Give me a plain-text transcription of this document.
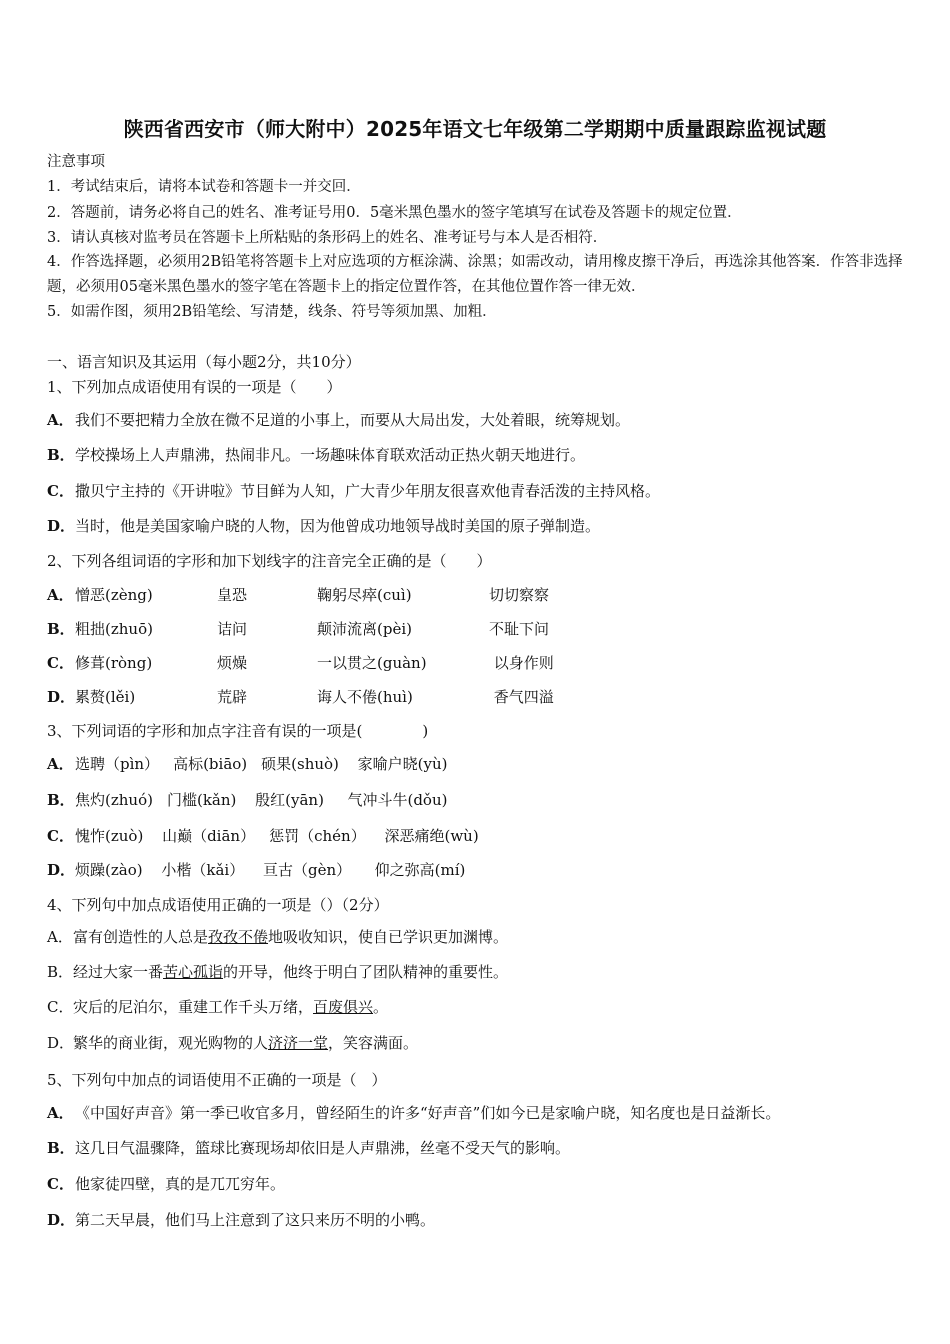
陕西省西安市（师大附中）2025年语文七年级第二学期期中质量跟踪监视试题
注意事项
1．考试结束后，请将本试卷和答题卡一并交回．
2．答题前，请务必将自己的姓名、准考证号用0．5毫米黑色墨水的签字笔填写在试卷及答题卡的规定位置．
3．请认真核对监考员在答题卡上所粘贴的条形码上的姓名、准考证号与本人是否相符．
4．作答选择题，必须用2B铅笔将答题卡上对应选项的方框涂满、涂黑；如需改动，请用橡皮擦干净后，再选涂其他答案．作答非选择题，必须用05毫米黑色墨水的签字笔在答题卡上的指定位置作答，在其他位置作答一律无效．
5．如需作图，须用2B铅笔绘、写清楚，线条、符号等须加黑、加粗．
一、语言知识及其运用（每小题2分，共10分）
1、下列加点成语使用有误的一项是（　　）
A．我们不要把精力全放在微不足道的小事上，而要从大局出发，大处着眼，统筹规划。
B．学校操场上人声鼎沸，热闹非凡。一场趣味体育联欢活动正热火朝天地进行。
C．撒贝宁主持的《开讲啦》节目鲜为人知，广大青少年朋友很喜欢他青春活泼的主持风格。
D．当时，他是美国家喻户晓的人物，因为他曾成功地领导战时美国的原子弹制造。
2、下列各组词语的字形和加下划线字的注音完全正确的是（　　）
A．憎恶(zèng)	皇恐	鞠躬尽瘁(cuì)	切切察察
B．粗拙(zhuō)	诘问	颠沛流离(pèi)	不耻下问
C．修葺(ròng)	烦燥	一以贯之(guàn)	以身作则
D．累赘(lěi)	荒辟	诲人不倦(huì)	香气四溢
3、下列词语的字形和加点字注音有误的一项是(　　　　)
A．选聘（pìn） 高标(biāo) 硕果(shuò) 家喻户晓(yù)
B．焦灼(zhuó) 门槛(kǎn) 殷红(yān)  气冲斗牛(dǒu)
C．愧怍(zuò) 山巅（diān） 惩罚（chén） 深恶痛绝(wù)
D．烦躁(zào) 小楷（kǎi） 亘古（gèn）  仰之弥高(mí)
4、下列句中加点成语使用正确的一项是（）（2分）
A．富有创造性的人总是孜孜不倦地吸收知识，使自已学识更加渊博。
B．经过大家一番苦心孤诣的开导，他终于明白了团队精神的重要性。
C．灾后的尼泊尔，重建工作千头万绪，百废俱兴。
D．繁华的商业街，观光购物的人济济一堂，笑容满面。
5、下列句中加点的词语使用不正确的一项是（　）
A．《中国好声音》第一季已收官多月，曾经陌生的许多“好声音”们如今已是家喻户晓，知名度也是日益渐长。
B．这几日气温骤降，篮球比赛现场却依旧是人声鼎沸，丝毫不受天气的影响。
C．他家徒四壁，真的是兀兀穷年。
D．第二天早晨，他们马上注意到了这只来历不明的小鸭。
